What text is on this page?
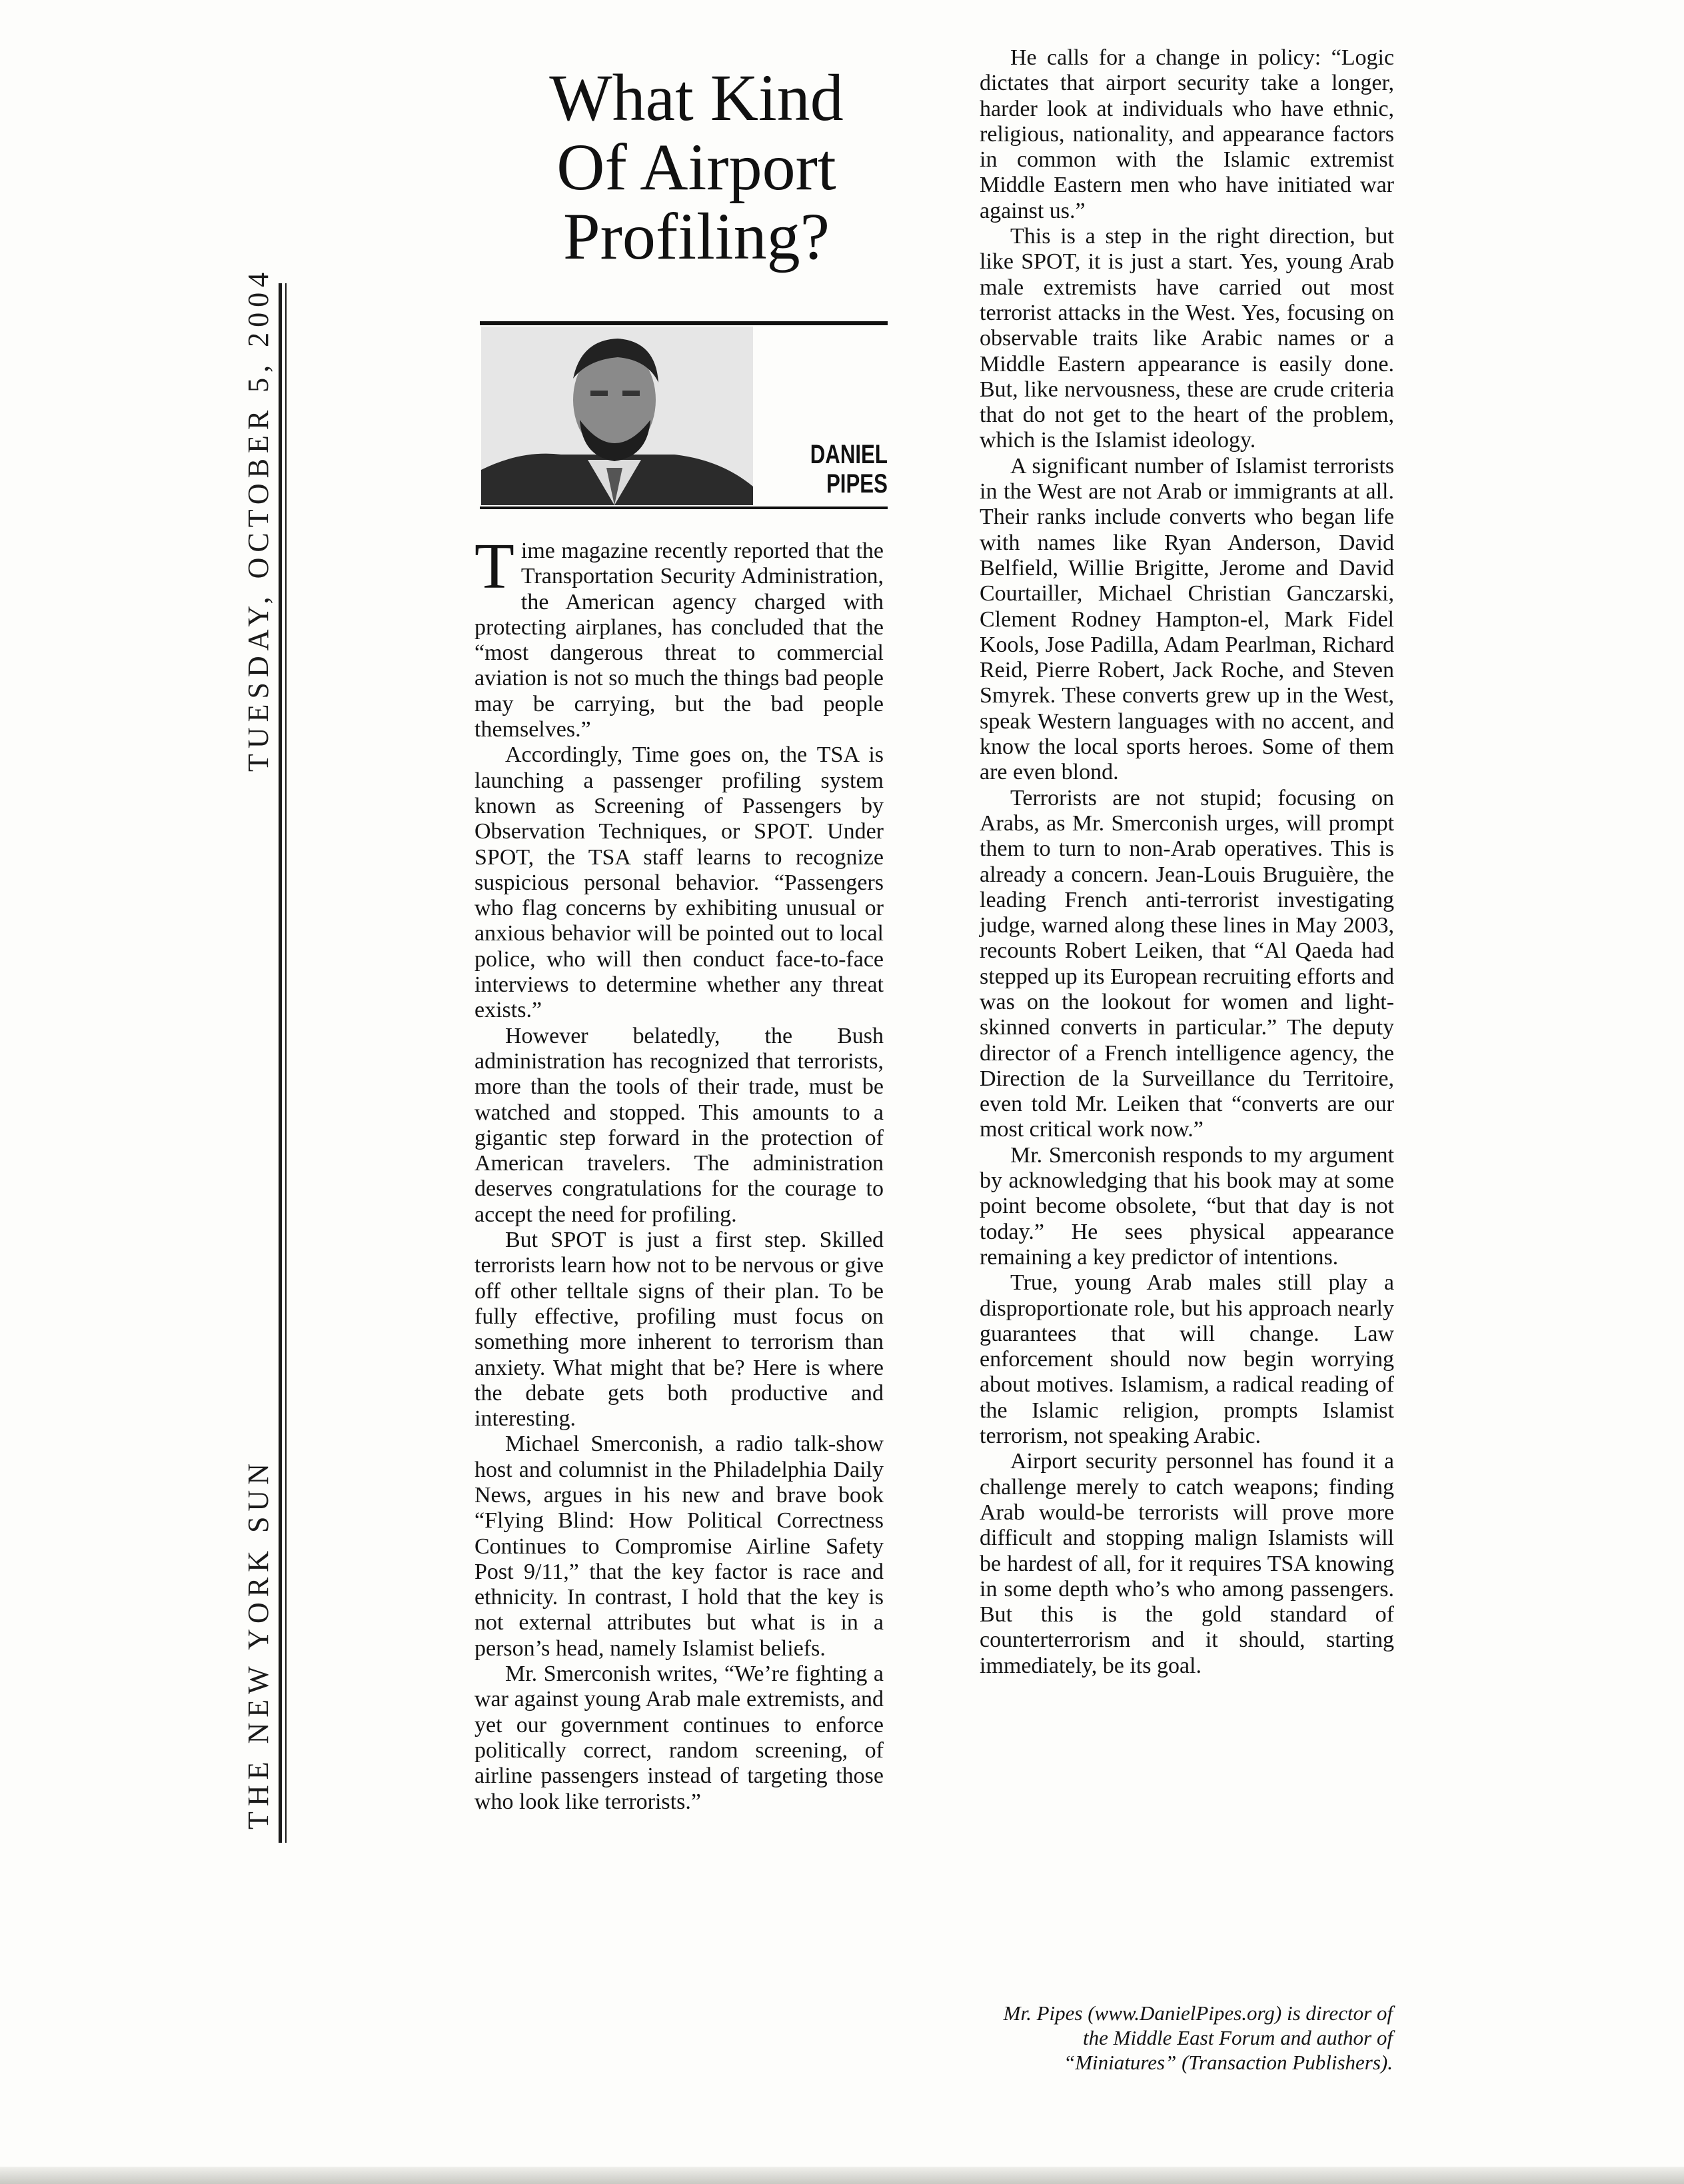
TUESDAY, OCTOBER 5, 2004
THE NEW YORK SUN
What Kind
Of Airport
Profiling?
DANIEL
PIPES

Time magazine recently reported that the Transportation Security Administration, the American agency charged with protecting airplanes, has concluded that the “most dangerous threat to commercial aviation is not so much the things bad people may be carrying, but the bad people themselves.”

Accordingly, Time goes on, the TSA is launching a passenger profiling system known as Screening of Passengers by Observation Techniques, or SPOT. Under SPOT, the TSA staff learns to recognize suspicious personal behavior. “Passengers who flag concerns by exhibiting unusual or anxious behavior will be pointed out to local police, who will then conduct face-to-face interviews to determine whether any threat exists.”

However belatedly, the Bush administration has recognized that terrorists, more than the tools of their trade, must be watched and stopped. This amounts to a gigantic step forward in the protection of American travelers. The administration deserves congratulations for the courage to accept the need for profiling.

But SPOT is just a first step. Skilled terrorists learn how not to be nervous or give off other telltale signs of their plan. To be fully effective, profiling must focus on something more inherent to terrorism than anxiety. What might that be? Here is where the debate gets both productive and interesting.

Michael Smerconish, a radio talk-show host and columnist in the Philadelphia Daily News, argues in his new and brave book “Flying Blind: How Political Correctness Continues to Compromise Airline Safety Post 9/11,” that the key factor is race and ethnicity. In contrast, I hold that the key is not external attributes but what is in a person’s head, namely Islamist beliefs.

Mr. Smerconish writes, “We’re fighting a war against young Arab male extremists, and yet our government continues to enforce politically correct, random screening, of airline passengers instead of targeting those who look like terrorists.”

He calls for a change in policy: “Logic dictates that airport security take a longer, harder look at individuals who have ethnic, religious, nationality, and appearance factors in common with the Islamic extremist Middle Eastern men who have initiated war against us.”

This is a step in the right direction, but like SPOT, it is just a start. Yes, young Arab male extremists have carried out most terrorist attacks in the West. Yes, focusing on observable traits like Arabic names or a Middle Eastern appearance is easily done. But, like nervousness, these are crude criteria that do not get to the heart of the problem, which is the Islamist ideology.

A significant number of Islamist terrorists in the West are not Arab or immigrants at all. Their ranks include converts who began life with names like Ryan Anderson, David Belfield, Willie Brigitte, Jerome and David Courtailler, Michael Christian Ganczarski, Clement Rodney Hampton-el, Mark Fidel Kools, Jose Padilla, Adam Pearlman, Richard Reid, Pierre Robert, Jack Roche, and Steven Smyrek. These converts grew up in the West, speak Western languages with no accent, and know the local sports heroes. Some of them are even blond.

Terrorists are not stupid; focusing on Arabs, as Mr. Smerconish urges, will prompt them to turn to non-Arab operatives. This is already a concern. Jean-Louis Bruguière, the leading French anti-terrorist investigating judge, warned along these lines in May 2003, recounts Robert Leiken, that “Al Qaeda had stepped up its European recruiting efforts and was on the lookout for women and light-skinned converts in particular.” The deputy director of a French intelligence agency, the Direction de la Surveillance du Territoire, even told Mr. Leiken that “converts are our most critical work now.”

Mr. Smerconish responds to my argument by acknowledging that his book may at some point become obsolete, “but that day is not today.” He sees physical appearance remaining a key predictor of intentions.

True, young Arab males still play a disproportionate role, but his approach nearly guarantees that will change. Law enforcement should now begin worrying about motives. Islamism, a radical reading of the Islamic religion, prompts Islamist terrorism, not speaking Arabic.

Airport security personnel has found it a challenge merely to catch weapons; finding Arab would-be terrorists will prove more difficult and stopping malign Islamists will be hardest of all, for it requires TSA knowing in some depth who’s who among passengers. But this is the gold standard of counterterrorism and it should, starting immediately, be its goal.

Mr. Pipes (www.DanielPipes.org) is director of the Middle East Forum and author of “Miniatures” (Transaction Publishers).
